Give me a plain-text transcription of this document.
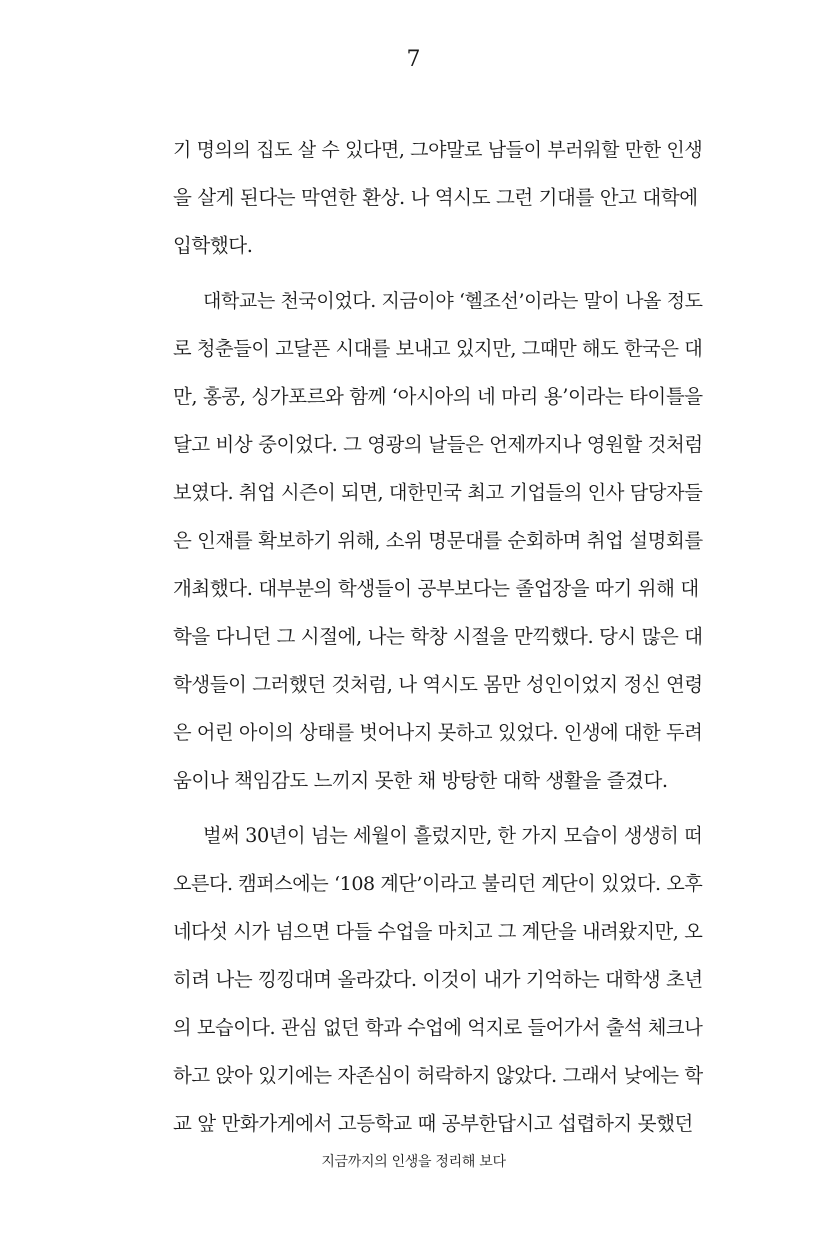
7
기 명의의 집도 살 수 있다면, 그야말로 남들이 부러워할 만한 인생
을 살게 된다는 막연한 환상. 나 역시도 그런 기대를 안고 대학에
입학했다.
대학교는 천국이었다. 지금이야 ‘헬조선’이라는 말이 나올 정도
로 청춘들이 고달픈 시대를 보내고 있지만, 그때만 해도 한국은 대
만, 홍콩, 싱가포르와 함께 ‘아시아의 네 마리 용’이라는 타이틀을
달고 비상 중이었다. 그 영광의 날들은 언제까지나 영원할 것처럼
보였다. 취업 시즌이 되면, 대한민국 최고 기업들의 인사 담당자들
은 인재를 확보하기 위해, 소위 명문대를 순회하며 취업 설명회를
개최했다. 대부분의 학생들이 공부보다는 졸업장을 따기 위해 대
학을 다니던 그 시절에, 나는 학창 시절을 만끽했다. 당시 많은 대
학생들이 그러했던 것처럼, 나 역시도 몸만 성인이었지 정신 연령
은 어린 아이의 상태를 벗어나지 못하고 있었다. 인생에 대한 두려
움이나 책임감도 느끼지 못한 채 방탕한 대학 생활을 즐겼다.
벌써 30년이 넘는 세월이 흘렀지만, 한 가지 모습이 생생히 떠
오른다. 캠퍼스에는 ‘108 계단’이라고 불리던 계단이 있었다. 오후
네다섯 시가 넘으면 다들 수업을 마치고 그 계단을 내려왔지만, 오
히려 나는 낑낑대며 올라갔다. 이것이 내가 기억하는 대학생 초년
의 모습이다. 관심 없던 학과 수업에 억지로 들어가서 출석 체크나
하고 앉아 있기에는 자존심이 허락하지 않았다. 그래서 낮에는 학
교 앞 만화가게에서 고등학교 때 공부한답시고 섭렵하지 못했던
지금까지의 인생을 정리해 보다
